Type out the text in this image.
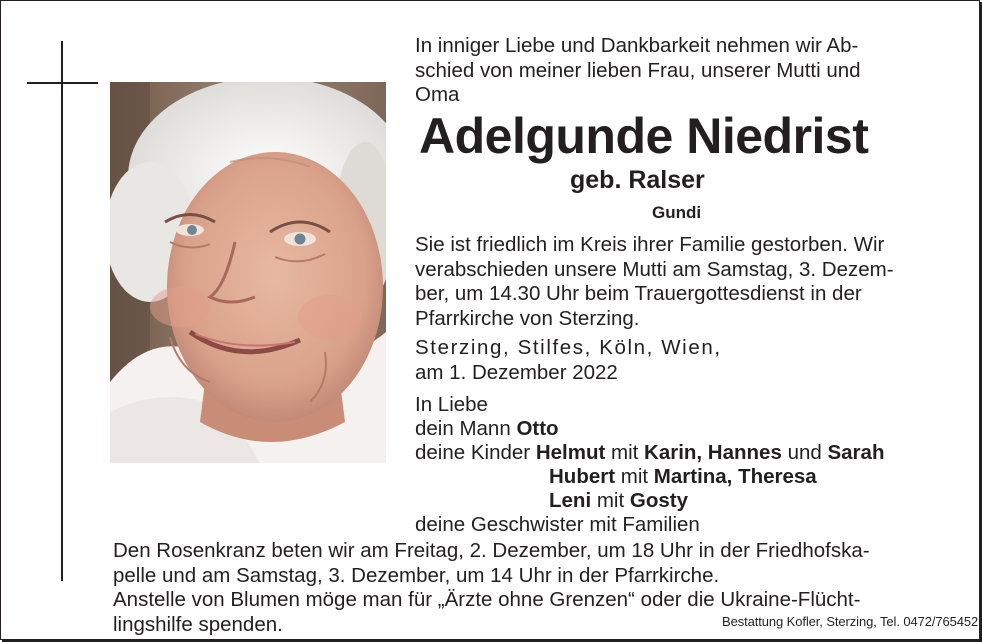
In inniger Liebe und Dankbarkeit nehmen wir Ab-
schied von meiner lieben Frau, unserer Mutti und
Oma
Adelgunde Niedrist
geb. Ralser
Gundi
Sie ist friedlich im Kreis ihrer Familie gestorben. Wir
verabschieden unsere Mutti am Samstag, 3. Dezem-
ber, um 14.30 Uhr beim Trauergottesdienst in der
Pfarrkirche von Sterzing.
Sterzing, Stilfes, Köln, Wien,
am 1. Dezember 2022
In Liebe
dein Mann Otto
deine Kinder Helmut mit Karin, Hannes und Sarah
Hubert mit Martina, Theresa
Leni mit Gosty
deine Geschwister mit Familien
Den Rosenkranz beten wir am Freitag, 2. Dezember, um 18 Uhr in der Friedhofska-
pelle und am Samstag, 3. Dezember, um 14 Uhr in der Pfarrkirche.
Anstelle von Blumen möge man für „Ärzte ohne Grenzen“ oder die Ukraine-Flücht-
lingshilfe spenden.	Bestattung Kofler, Sterzing, Tel. 0472/765452
